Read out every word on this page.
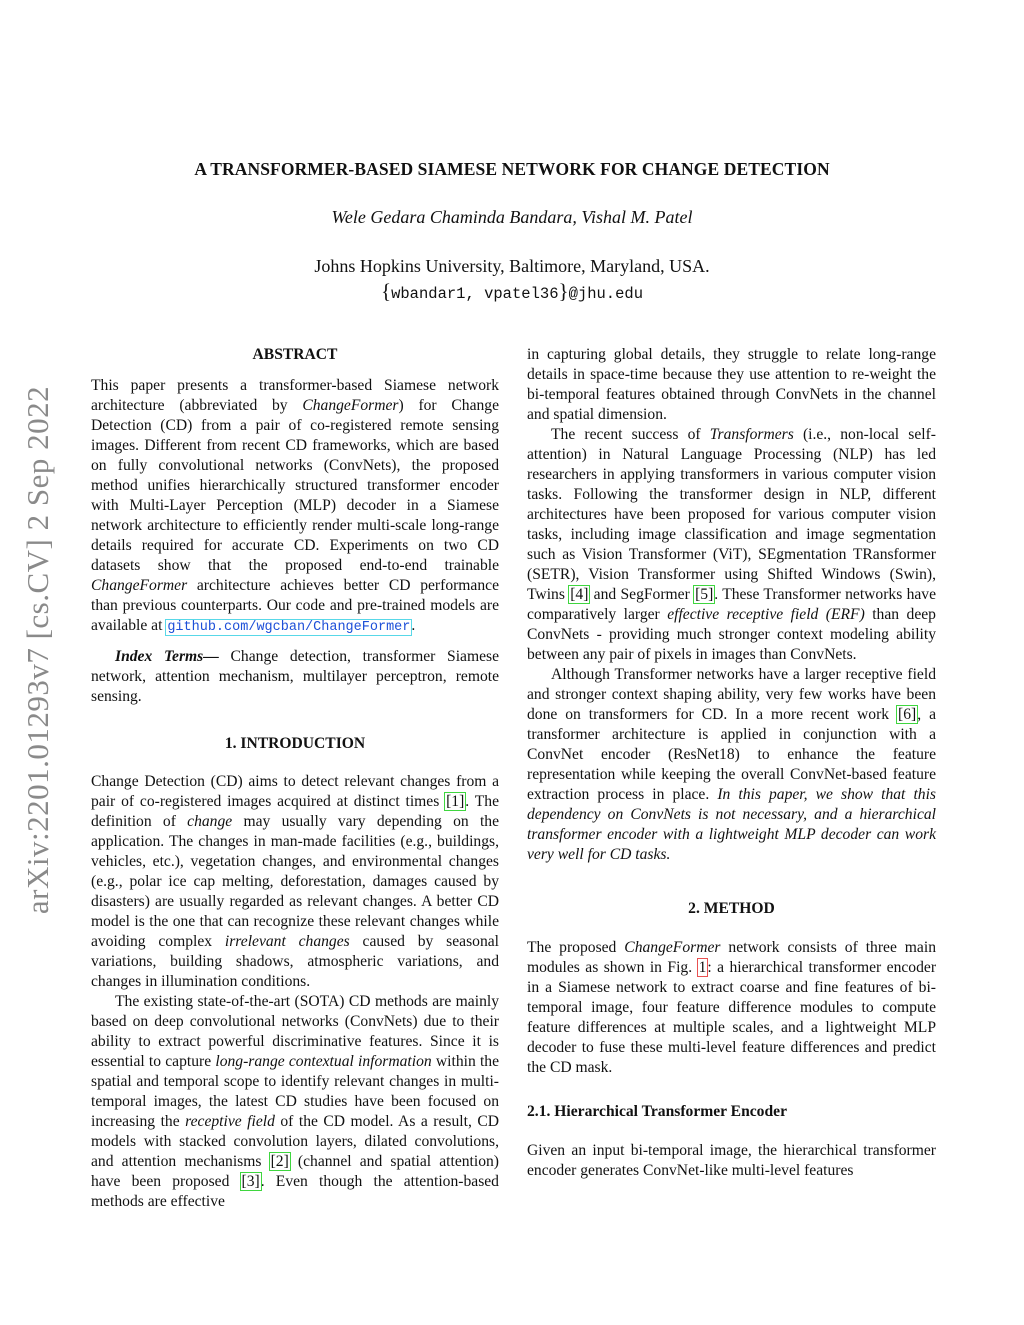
arXiv:2201.01293v7 [cs.CV] 2 Sep 2022
A TRANSFORMER-BASED SIAMESE NETWORK FOR CHANGE DETECTION
Wele Gedara Chaminda Bandara, Vishal M. Patel
Johns Hopkins University, Baltimore, Maryland, USA.
{wbandar1, vpatel36}@jhu.edu

ABSTRACT

This paper presents a transformer-based Siamese network architecture (abbreviated by ChangeFormer) for Change Detection (CD) from a pair of co-registered remote sensing images. Different from recent CD frameworks, which are based on fully convolutional networks (ConvNets), the proposed method unifies hierarchically structured transformer encoder with Multi-Layer Perception (MLP) decoder in a Siamese network architecture to efficiently render multi-scale long-range details required for accurate CD. Experiments on two CD datasets show that the proposed end-to-end trainable ChangeFormer architecture achieves better CD performance than previous counterparts. Our code and pre-trained models are available at github.com/wgcban/ChangeFormer.

Index Terms— Change detection, transformer Siamese network, attention mechanism, multilayer perceptron, remote sensing.

1. INTRODUCTION

Change Detection (CD) aims to detect relevant changes from a pair of co-registered images acquired at distinct times [1]. The definition of change may usually vary depending on the application. The changes in man-made facilities (e.g., buildings, vehicles, etc.), vegetation changes, and environmental changes (e.g., polar ice cap melting, deforestation, damages caused by disasters) are usually regarded as relevant changes. A better CD model is the one that can recognize these relevant changes while avoiding complex irrelevant changes caused by seasonal variations, building shadows, atmospheric variations, and changes in illumination conditions.

The existing state-of-the-art (SOTA) CD methods are mainly based on deep convolutional networks (ConvNets) due to their ability to extract powerful discriminative features. Since it is essential to capture long-range contextual information within the spatial and temporal scope to identify relevant changes in multi-temporal images, the latest CD studies have been focused on increasing the receptive field of the CD model. As a result, CD models with stacked convolution layers, dilated convolutions, and attention mechanisms [2] (channel and spatial attention) have been proposed [3]. Even though the attention-based methods are effective

in capturing global details, they struggle to relate long-range details in space-time because they use attention to re-weight the bi-temporal features obtained through ConvNets in the channel and spatial dimension.

The recent success of Transformers (i.e., non-local self-attention) in Natural Language Processing (NLP) has led researchers in applying transformers in various computer vision tasks. Following the transformer design in NLP, different architectures have been proposed for various computer vision tasks, including image classification and image segmentation such as Vision Transformer (ViT), SEgmentation TRansformer (SETR), Vision Transformer using Shifted Windows (Swin), Twins [4] and SegFormer [5]. These Transformer networks have comparatively larger effective receptive field (ERF) than deep ConvNets - providing much stronger context modeling ability between any pair of pixels in images than ConvNets.

Although Transformer networks have a larger receptive field and stronger context shaping ability, very few works have been done on transformers for CD. In a more recent work [6], a transformer architecture is applied in conjunction with a ConvNet encoder (ResNet18) to enhance the feature representation while keeping the overall ConvNet-based feature extraction process in place. In this paper, we show that this dependency on ConvNets is not necessary, and a hierarchical transformer encoder with a lightweight MLP decoder can work very well for CD tasks.

2. METHOD

The proposed ChangeFormer network consists of three main modules as shown in Fig. 1: a hierarchical transformer encoder in a Siamese network to extract coarse and fine features of bi-temporal image, four feature difference modules to compute feature differences at multiple scales, and a lightweight MLP decoder to fuse these multi-level feature differences and predict the CD mask.

2.1. Hierarchical Transformer Encoder

Given an input bi-temporal image, the hierarchical transformer encoder generates ConvNet-like multi-level features
